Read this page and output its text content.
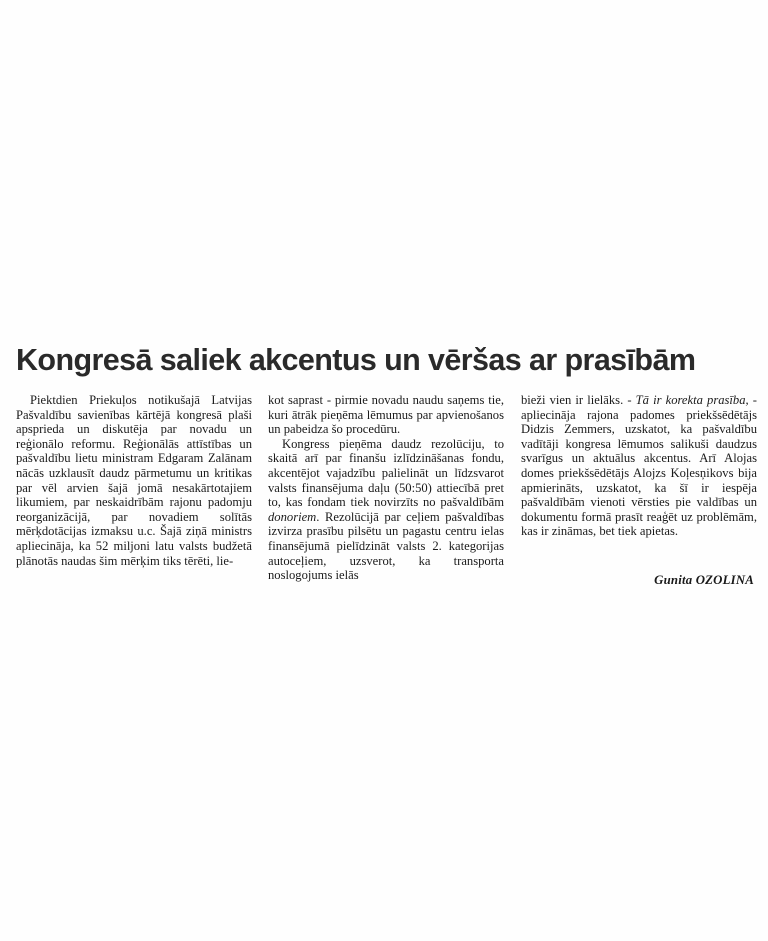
Kongresā saliek akcentus un vēršas ar prasībām

Piektdien Priekuļos notikušajā Latvijas Pašvaldību savienības kārtējā kongresā plaši apsprieda un diskutēja par novadu un reģionālo reformu. Reģionālās attīstības un pašvaldību lietu ministram Edgaram Zalānam nācās uzklausīt daudz pārmetumu un kritikas par vēl arvien šajā jomā nesakārtotajiem likumiem, par neskaidrībām rajonu padomju reorganizācijā, par novadiem solītās mērķdotācijas izmaksu u.c. Šajā ziņā ministrs apliecināja, ka 52 miljoni latu valsts budžetā plānotās naudas šim mērķim tiks tērēti, lie-

kot saprast - pirmie novadu naudu saņems tie, kuri ātrāk pieņēma lēmumus par apvienošanos un pabeidza šo procedūru.

Kongress pieņēma daudz rezolūciju, to skaitā arī par finanšu izlīdzināšanas fondu, akcentējot vajadzību palielināt un līdzsvarot valsts finansējuma daļu (50:50) attiecībā pret to, kas fondam tiek novirzīts no pašvaldībām donoriem. Rezolūcijā par ceļiem pašvaldības izvirza prasību pilsētu un pagastu centru ielas finansējumā pielīdzināt valsts 2. kategorijas autoceļiem, uzsverot, ka transporta noslogojums ielās

bieži vien ir lielāks. - Tā ir korekta prasība, - apliecināja rajona padomes priekšsēdētājs Didzis Zemmers, uzskatot, ka pašvaldību vadītāji kongresa lēmumos salikuši daudzus svarīgus un aktuālus akcentus. Arī Alojas domes priekšsēdētājs Alojzs Koļesņikovs bija apmierināts, uzskatot, ka šī ir iespēja pašvaldībām vienoti vērsties pie valdības un dokumentu formā prasīt reaģēt uz problēmām, kas ir zināmas, bet tiek apietas.

Gunita OZOLINA
